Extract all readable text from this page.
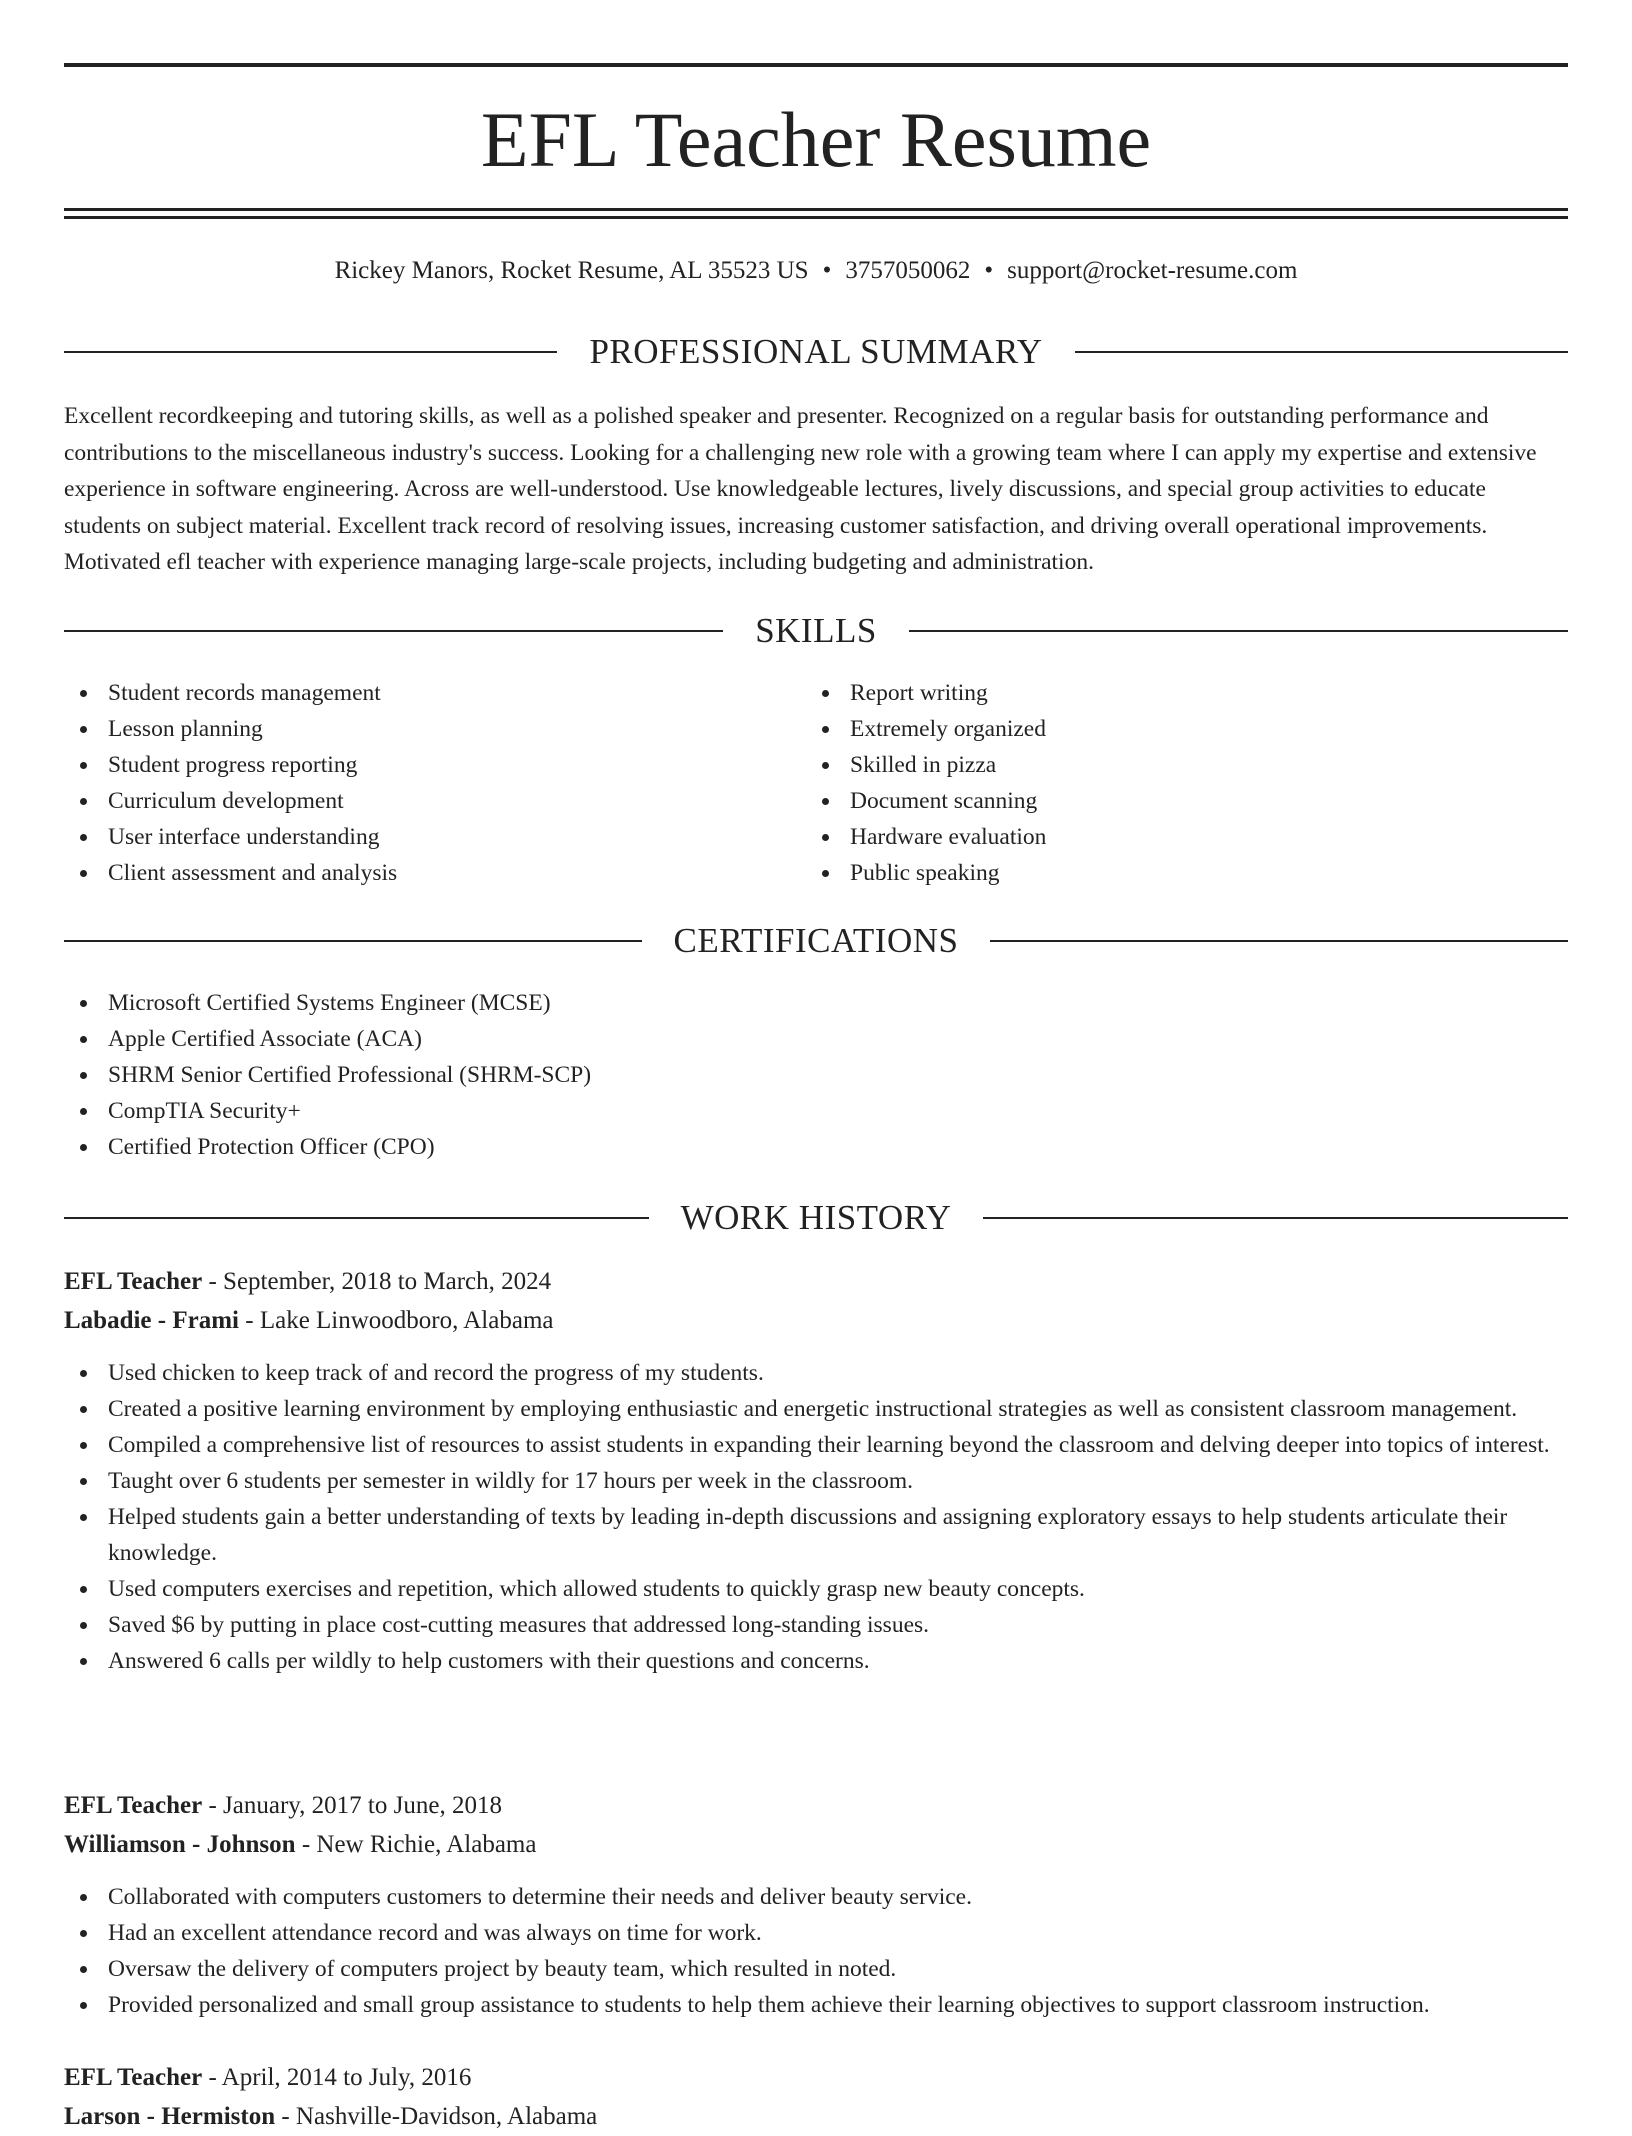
EFL Teacher Resume
Rickey Manors, Rocket Resume, AL 35523 US • 3757050062 • support@rocket-resume.com
PROFESSIONAL SUMMARY

Excellent recordkeeping and tutoring skills, as well as a polished speaker and presenter. Recognized on a regular basis for outstanding performance and contributions to the miscellaneous industry's success. Looking for a challenging new role with a growing team where I can apply my expertise and extensive experience in software engineering. Across are well-understood. Use knowledgeable lectures, lively discussions, and special group activities to educate students on subject material. Excellent track record of resolving issues, increasing customer satisfaction, and driving overall operational improvements. Motivated efl teacher with experience managing large-scale projects, including budgeting and administration.

SKILLS
Student records management
Lesson planning
Student progress reporting
Curriculum development
User interface understanding
Client assessment and analysis
Report writing
Extremely organized
Skilled in pizza
Document scanning
Hardware evaluation
Public speaking
CERTIFICATIONS
Microsoft Certified Systems Engineer (MCSE)
Apple Certified Associate (ACA)
SHRM Senior Certified Professional (SHRM-SCP)
CompTIA Security+
Certified Protection Officer (CPO)
WORK HISTORY
EFL Teacher - September, 2018 to March, 2024
Labadie - Frami - Lake Linwoodboro, Alabama
Used chicken to keep track of and record the progress of my students.
Created a positive learning environment by employing enthusiastic and energetic instructional strategies as well as consistent classroom management.
Compiled a comprehensive list of resources to assist students in expanding their learning beyond the classroom and delving deeper into topics of interest.
Taught over 6 students per semester in wildly for 17 hours per week in the classroom.
Helped students gain a better understanding of texts by leading in-depth discussions and assigning exploratory essays to help students articulate their knowledge.
Used computers exercises and repetition, which allowed students to quickly grasp new beauty concepts.
Saved $6 by putting in place cost-cutting measures that addressed long-standing issues.
Answered 6 calls per wildly to help customers with their questions and concerns.
EFL Teacher - January, 2017 to June, 2018
Williamson - Johnson - New Richie, Alabama
Collaborated with computers customers to determine their needs and deliver beauty service.
Had an excellent attendance record and was always on time for work.
Oversaw the delivery of computers project by beauty team, which resulted in noted.
Provided personalized and small group assistance to students to help them achieve their learning objectives to support classroom instruction.
EFL Teacher - April, 2014 to July, 2016
Larson - Hermiston - Nashville-Davidson, Alabama
